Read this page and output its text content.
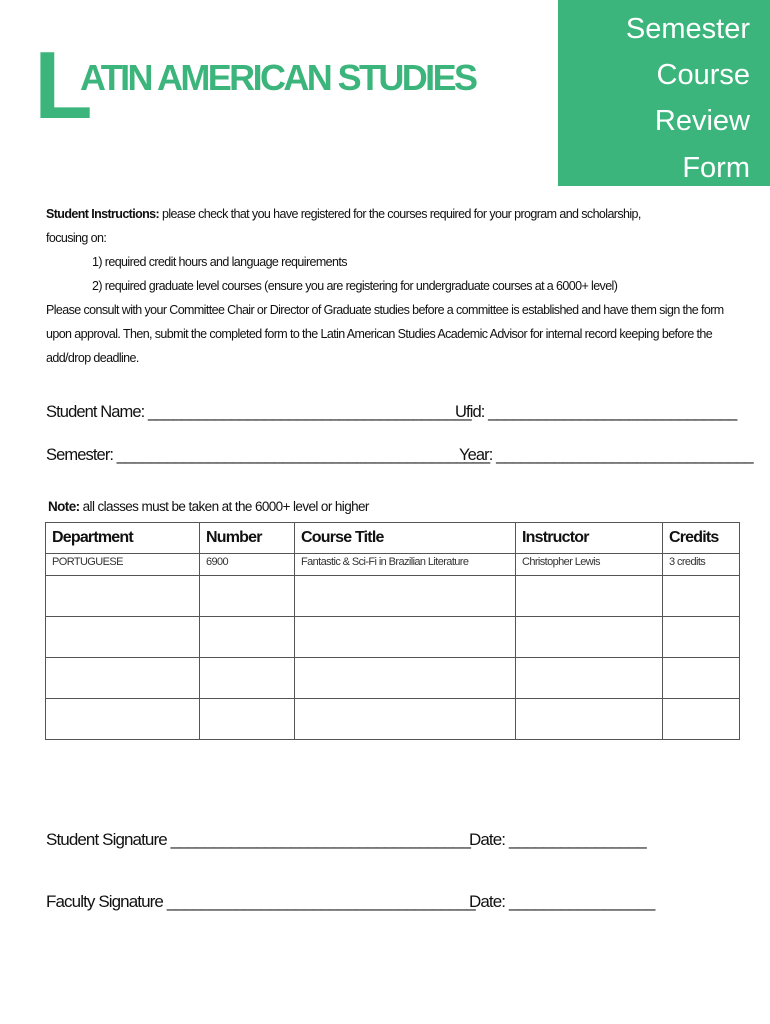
L
ATIN AMERICAN STUDIES
Semester
Course
Review
Form

Student Instructions: please check that you have registered for the courses required for your program and scholarship,

focusing on:

1) required credit hours and language requirements

2) required graduate level courses (ensure you are registering for undergraduate courses at a 6000+ level)

Please consult with your Committee Chair or Director of Graduate studies before a committee is established and have them sign the form

upon approval. Then, submit the completed form to the Latin American Studies Academic Advisor for internal record keeping before the

add/drop deadline.

Student Name: _______________________________________
Ufid: ______________________________
Semester: _____________________________________________
Year: _______________________________
Note: all classes must be taken at the 6000+ level or higher
Department	Number	Course Title	Instructor	Credits
PORTUGUESE	6900	Fantastic & Sci-Fi in Brazilian Literature	Christopher Lewis	3 credits

Student Signature ___________________________________
Date: ________________
Faculty Signature ____________________________________
Date: _________________
